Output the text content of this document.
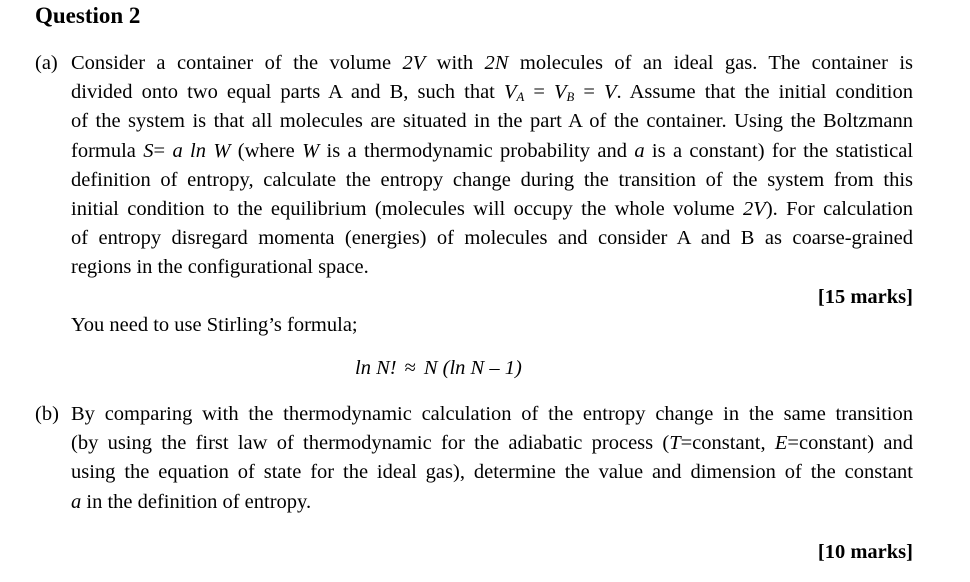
Question 2
(a) Consider a container of the volume 2V with 2N molecules of an ideal gas. The container is
divided onto two equal parts A and B, such that $V_A = V_B = V$. Assume that the initial condition
of the system is that all molecules are situated in the part A of the container. Using the Boltzmann
formula S= a ln W (where W is a thermodynamic probability and a is a constant) for the statistical
definition of entropy, calculate the entropy change during the transition of the system from this
initial condition to the equilibrium (molecules will occupy the whole volume 2V). For calculation
of entropy disregard momenta (energies) of molecules and consider A and B as coarse-grained
regions in the configurational space.
[15 marks]
You need to use Stirling’s formula;
ln N! ≈ N (ln N – 1)
(b) By comparing with the thermodynamic calculation of the entropy change in the same transition
(by using the first law of thermodynamic for the adiabatic process (T=constant, E=constant) and
using the equation of state for the ideal gas), determine the value and dimension of the constant
a in the definition of entropy.
[10 marks]
